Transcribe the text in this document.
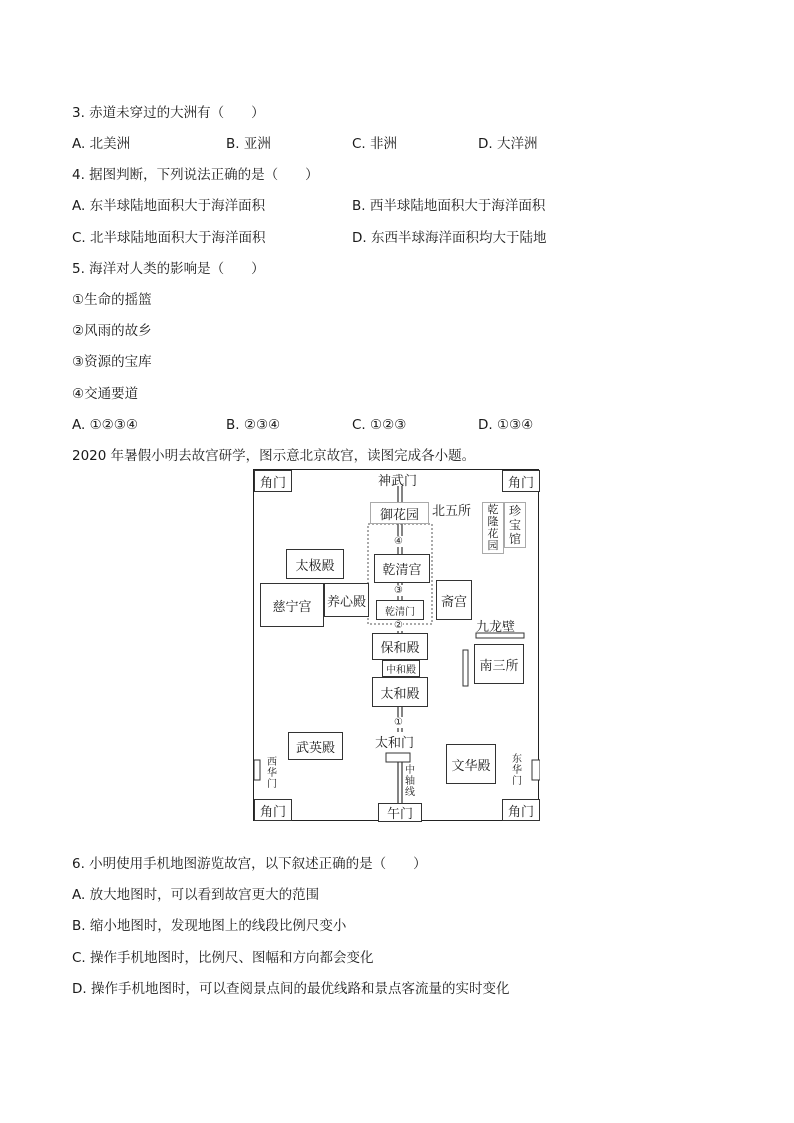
3. 赤道未穿过的大洲有（　　）
A. 北美洲	B. 亚洲	C. 非洲	D. 大洋洲
4. 据图判断，下列说法正确的是（　　）
A. 东半球陆地面积大于海洋面积	B. 西半球陆地面积大于海洋面积
C. 北半球陆地面积大于海洋面积	D. 东西半球海洋面积均大于陆地
5. 海洋对人类的影响是（　　）
①生命的摇篮
②风雨的故乡
③资源的宝库
④交通要道
A. ①②③④	B. ②③④	C. ①②③	D. ①③④
2020 年暑假小明去故宫研学，图示意北京故宫，读图完成各小题。
角门	角门
角门	角门
神武门
御花园	北五所	乾隆花园
珍宝馆
太极殿	乾清宫
慈宁宫	养心殿
乾清门
斋宫
九龙壁
保和殿
中和殿	南三所
太和殿
太和门
武英殿
文华殿
西华门
东华门
中轴线
午门
④
③
②
①
6. 小明使用手机地图游览故宫，以下叙述正确的是（　　）
A. 放大地图时，可以看到故宫更大的范围
B. 缩小地图时，发现地图上的线段比例尺变小
C. 操作手机地图时，比例尺、图幅和方向都会变化
D. 操作手机地图时，可以查阅景点间的最优线路和景点客流量的实时变化
